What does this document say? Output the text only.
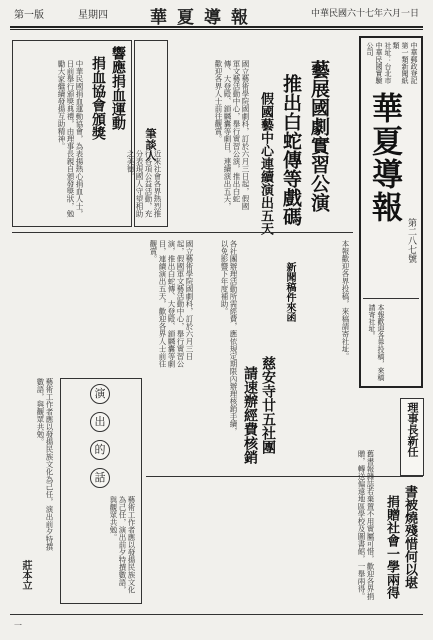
第一版	星期四 華夏導報	中華民國六十七年六月一日
中華郵政登記第一類新聞紙類
社址：台北市中華民國實驗公司
華夏導報
第二八七號
本報歡迎各界投稿，來稿請寄社址。
藝展國劇實習公演
推出白蛇傳等戲碼
假國藝中心連續演出五天
國立藝術學院國劇科，訂於六月三日起，假國軍文藝活動中心，舉行實習公演，推出白蛇傳、大登殿、鎖麟囊等劇目，連續演出五天，歡迎各界人士前往觀賞。
響應捐血運動
捐血協會頒獎
中華民國捐血運動協會，為表揚熱心捐血人士，日前舉行頒獎典禮，由理事長親自頒發獎狀，勉勵大家繼續發揚互助精神。	筆談人
近來社會各界熱烈推行各項公益活動，充分表現國人守望相助之美德。
本報歡迎各界投稿，來稿請寄社址。
新聞稿件來函
慈安寺廿五社團
請速辦經費核銷
各社團辦理活動所需經費，應依規定期限內辦理核銷手續，以免影響下年度補助。
理事長新任
國立藝術學院國劇科，訂於六月三日起，假國軍文藝活動中心，舉行實習公演，推出白蛇傳、大登殿、鎖麟囊等劇目，連續演出五天，歡迎各界人士前往觀賞。
演
出
的
話
藝術工作者應以發揚民族文化為己任，演出前夕特撰數語，與觀眾共勉。
莊本立
藝術工作者應以發揚民族文化為己任，演出前夕特撰數語，與觀眾共勉。
書被燒殘惜何以堪
捐贈社會一學兩得
舊書報雜誌若棄置不用實屬可惜，歡迎各界捐贈，轉送偏遠地區學校及圖書館，一舉兩得。
一
